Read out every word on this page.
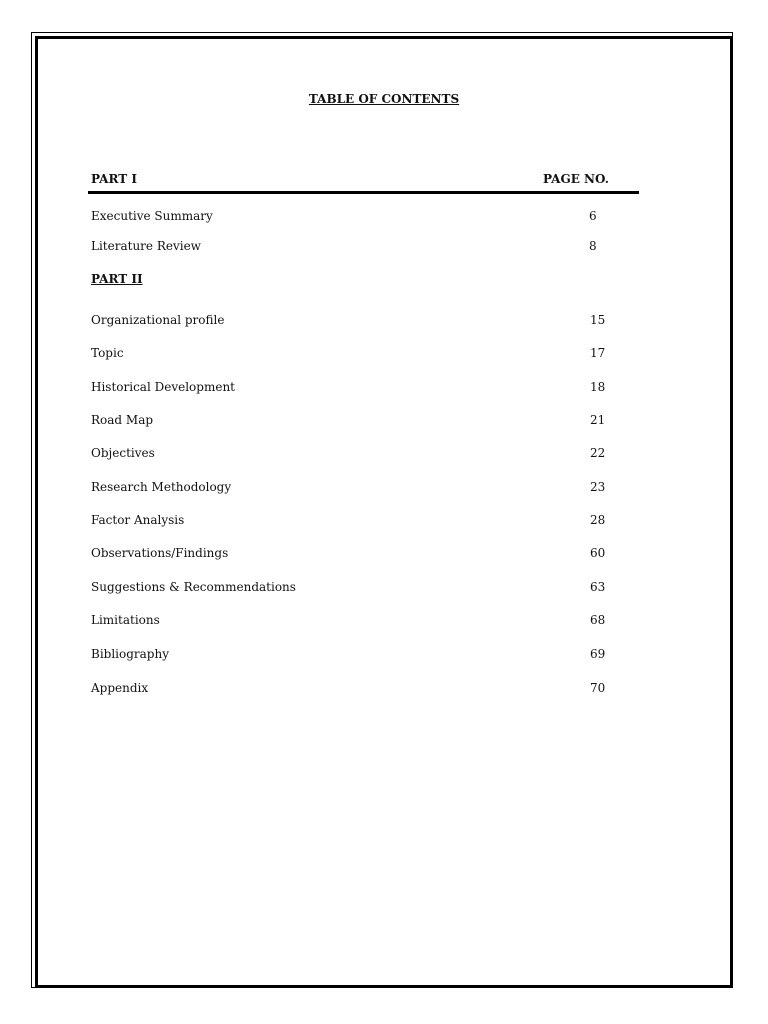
TABLE OF CONTENTS
PART I	PAGE NO.
Executive Summary	6
Literature Review	8
PART II
Organizational profile	15
Topic	17
Historical Development	18
Road Map	21
Objectives	22
Research Methodology	23
Factor Analysis	28
Observations/Findings	60
Suggestions & Recommendations	63
Limitations	68
Bibliography	69
Appendix	70
